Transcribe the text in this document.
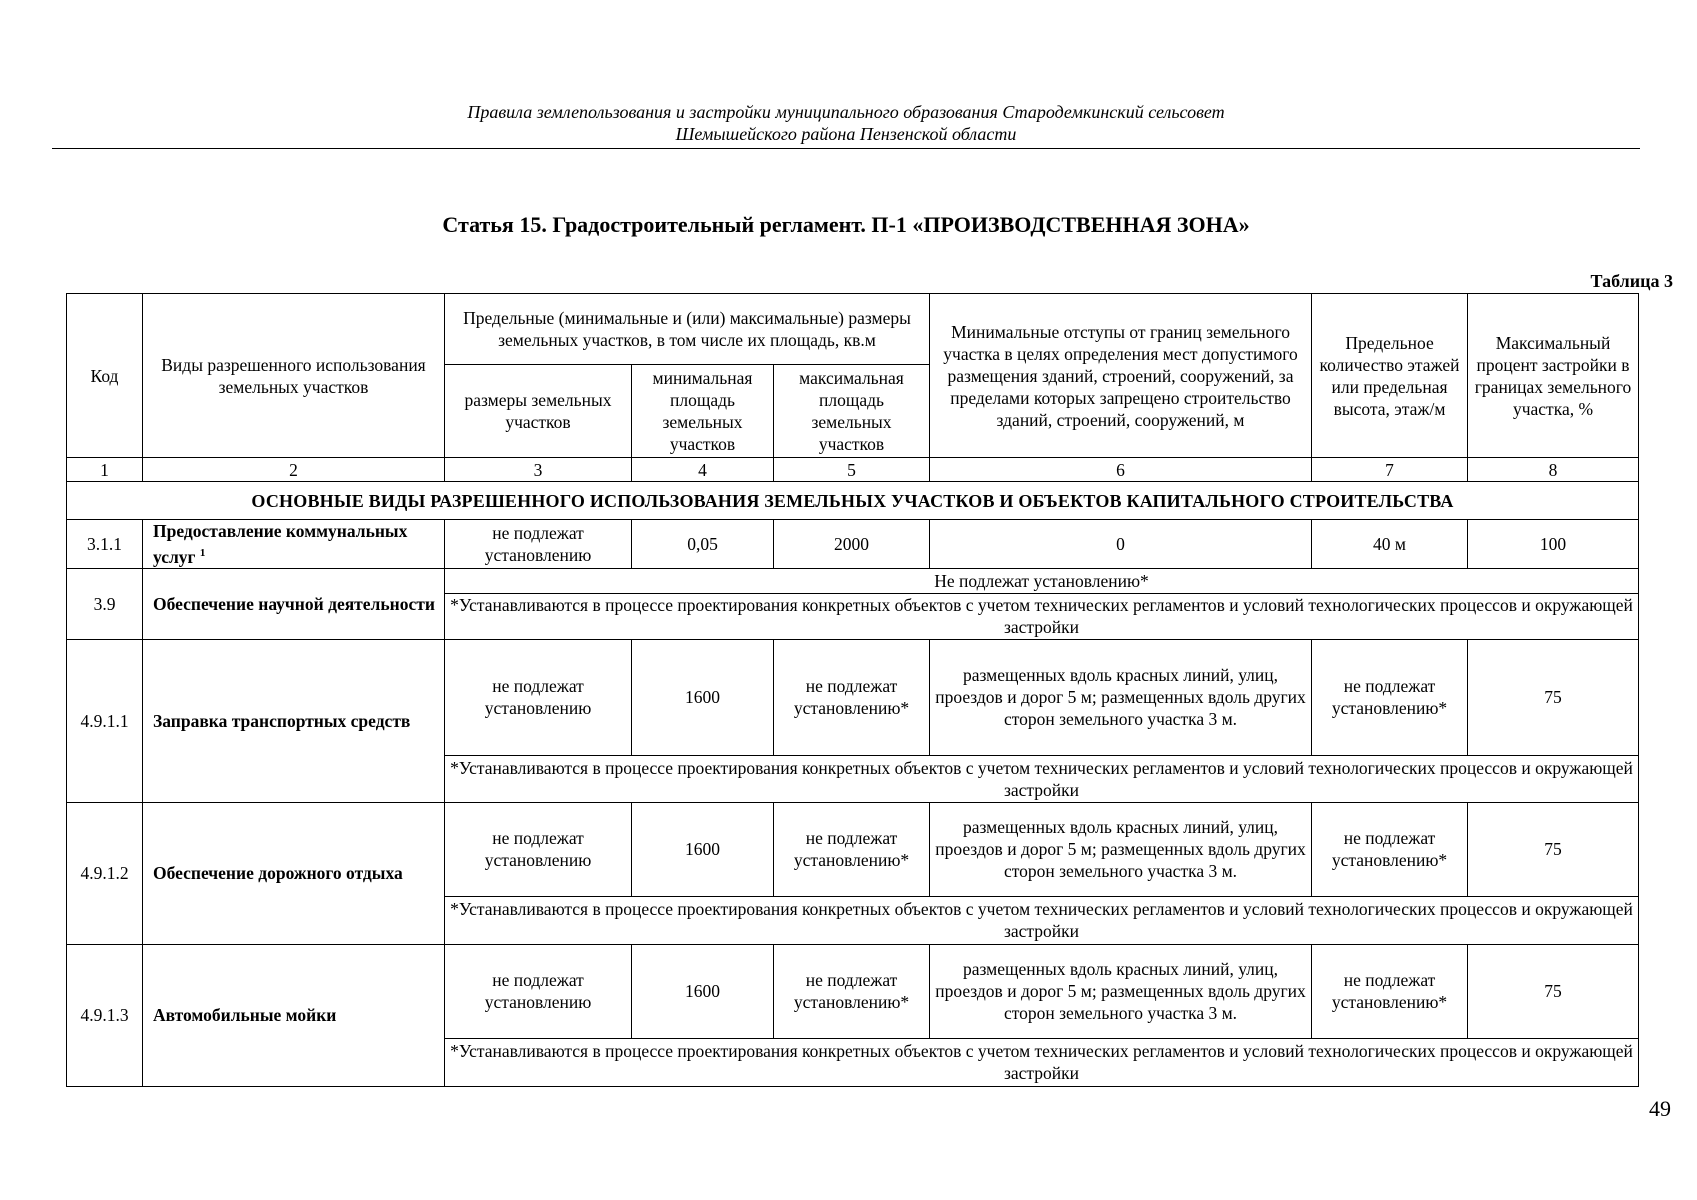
Правила землепользования и застройки муниципального образования Стародемкинский сельсовет
Шемышейского района Пензенской области
Статья 15. Градостроительный регламент. П-1 «ПРОИЗВОДСТВЕННАЯ ЗОНА»
Таблица 3
Код	Виды разрешенного использования земельных участков	Предельные (минимальные и (или) максимальные) размеры земельных участков, в том числе их площадь, кв.м			Минимальные отступы от границ земельного участка в целях определения мест допустимого размещения зданий, строений, сооружений, за пределами которых запрещено строительство зданий, строений, сооружений, м	Предельное количество этажей или предельная высота, этаж/м	Максимальный процент застройки в границах земельного участка, %
		размеры земельных участков	минимальная площадь земельных участков	максимальная площадь земельных участков			
1	2	3	4	5	6	7	8
ОСНОВНЫЕ ВИДЫ РАЗРЕШЕННОГО ИСПОЛЬЗОВАНИЯ ЗЕМЕЛЬНЫХ УЧАСТКОВ И ОБЪЕКТОВ КАПИТАЛЬНОГО СТРОИТЕЛЬСТВА							
3.1.1	Предоставление коммунальных услуг $^1$	не подлежат установлению	0,05	2000	0	40 м	100
3.9	Обеспечение научной деятельности	Не подлежат установлению*					
		*Устанавливаются в процессе проектирования конкретных объектов с учетом технических регламентов и условий технологических процессов и окружающей застройки					
4.9.1.1	Заправка транспортных средств	не подлежат установлению	1600	не подлежат установлению*	размещенных вдоль красных линий, улиц, проездов и дорог 5 м; размещенных вдоль других сторон земельного участка 3 м.	не подлежат установлению*	75
		*Устанавливаются в процессе проектирования конкретных объектов с учетом технических регламентов и условий технологических процессов и окружающей застройки					
4.9.1.2	Обеспечение дорожного отдыха	не подлежат установлению	1600	не подлежат установлению*	размещенных вдоль красных линий, улиц, проездов и дорог 5 м; размещенных вдоль других сторон земельного участка 3 м.	не подлежат установлению*	75
		*Устанавливаются в процессе проектирования конкретных объектов с учетом технических регламентов и условий технологических процессов и окружающей застройки					
4.9.1.3	Автомобильные мойки	не подлежат установлению	1600	не подлежат установлению*	размещенных вдоль красных линий, улиц, проездов и дорог 5 м; размещенных вдоль других сторон земельного участка 3 м.	не подлежат установлению*	75
		*Устанавливаются в процессе проектирования конкретных объектов с учетом технических регламентов и условий технологических процессов и окружающей застройки					
49
